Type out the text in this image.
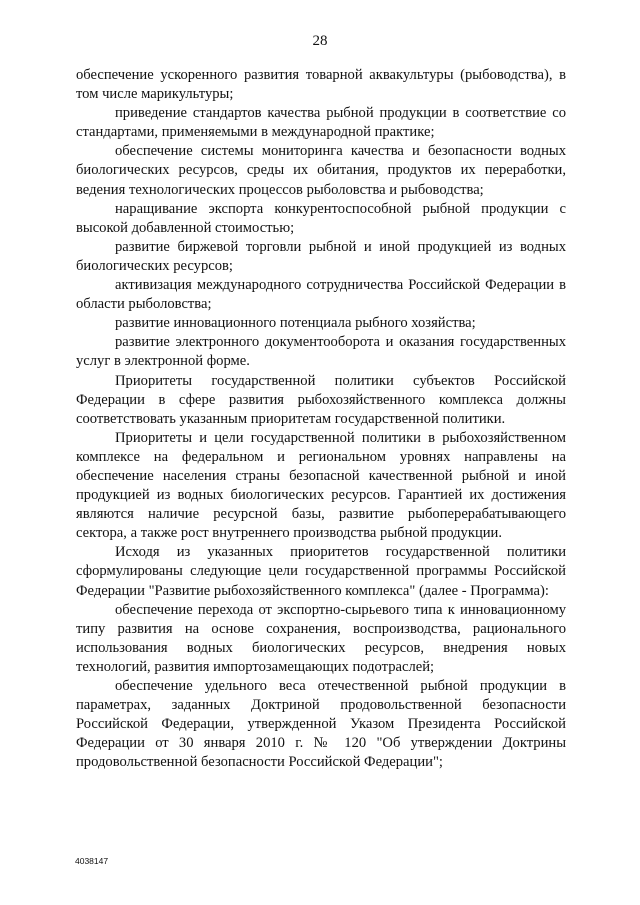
28

обеспечение ускоренного развития товарной аквакультуры (рыбоводства), в том числе марикультуры;

приведение стандартов качества рыбной продукции в соответствие со стандартами, применяемыми в международной практике;

обеспечение системы мониторинга качества и безопасности водных биологических ресурсов, среды их обитания, продуктов их переработки, ведения технологических процессов рыболовства и рыбоводства;

наращивание экспорта конкурентоспособной рыбной продукции с высокой добавленной стоимостью;

развитие биржевой торговли рыбной и иной продукцией из водных биологических ресурсов;

активизация международного сотрудничества Российской Федерации в области рыболовства;

развитие инновационного потенциала рыбного хозяйства;

развитие электронного документооборота и оказания государственных услуг в электронной форме.

Приоритеты государственной политики субъектов Российской Федерации в сфере развития рыбохозяйственного комплекса должны соответствовать указанным приоритетам государственной политики.

Приоритеты и цели государственной политики в рыбохозяйственном комплексе на федеральном и региональном уровнях направлены на обеспечение населения страны безопасной качественной рыбной и иной продукцией из водных биологических ресурсов. Гарантией их достижения являются наличие ресурсной базы, развитие рыбоперерабатывающего сектора, а также рост внутреннего производства рыбной продукции.

Исходя из указанных приоритетов государственной политики сформулированы следующие цели государственной программы Российской Федерации "Развитие рыбохозяйственного комплекса" (далее - Программа):

обеспечение перехода от экспортно-сырьевого типа к инновационному типу развития на основе сохранения, воспроизводства, рационального использования водных биологических ресурсов, внедрения новых технологий, развития импортозамещающих подотраслей;

обеспечение удельного веса отечественной рыбной продукции в параметрах, заданных Доктриной продовольственной безопасности Российской Федерации, утвержденной Указом Президента Российской Федерации от 30 января 2010 г. № 120 "Об утверждении Доктрины продовольственной безопасности Российской Федерации";

4038147
